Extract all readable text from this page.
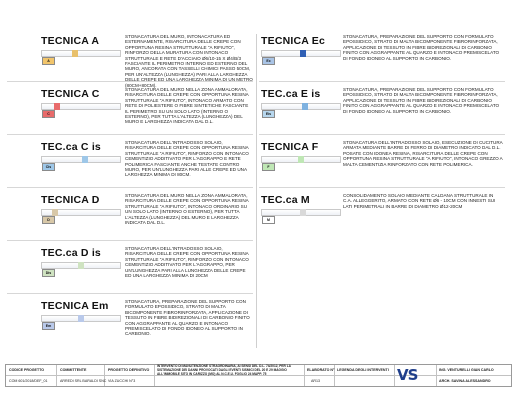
TECNICA A
A
STONACATURA DEL MURO, INTONACATURA ED ESTERNAMENTE, RISARCITURA DELLE CREPE CON OPPORTUNA RESINA STRUTTURALE "A RIFIUTO", RINFORZO DELLA MURATURA CON INTONACO STRUTTURALE E RETE D'ACCIAIO Ø6/10-15 X Ø4/B/3 FASCIANTE IL PERIMETRO INTERNO ED ESTERNO DEL MURO, ANCORATA CON TASSELLI CHIMICI PASSO 50CM, PER UN'ALTEZZA (LUNGHEZZA) PARI ALLA LARGHEZZA DELLE CREPE ED UNA LARGHEZZA MINIMA DI UN METRO (80CM+80CM).
TECNICA C
C
STONACATURA DEL MURO NELLA ZONA AMMALORATA, RISARCITURA DELLE CREPE CON OPPORTUNA RESINA STRUTTURALE "A RIFIUTO", INTONACO ARMATO CON RETE DI POLIESTERE O FIBRE SINTETICHE FASCIANTE IL PERIMETRO SU UN SOLO LATO (INTERNO O ESTERNO), PER TUTTA L'ALTEZZA (LUNGHEZZA) DEL MURO E LARGHEZZA INDICATA DAL D.L.
TEC.ca C is
Cis
STONACATURA DELL'INTRADOSSO SOLAIO, RISARCITURA DELLE CREPE CON OPPORTUNA RESINA STRUTTURALE "A RIFIUTO", RINFORZO CON INTONACO CEMENTIZIO ADDITIVATO PER L'AGGRAPPO E RETE POLIMERICA FASCIANTE ANCHE TESTATE CONTRO MURO, PER UN'LUNGHEZZA PARI ALLE CREPE ED UNA LARGHEZZA MINIMA DI 80CM.
TECNICA D
D
STONACATURA DEL MURO NELLA ZONA AMMALORATA, RISARCITURA DELLE CREPE CON OPPORTUNA RESINA STRUTTURALE "A RIFIUTO", INTONACO ORDINARIO SU UN SOLO LATO (INTERNO O ESTERNO), PER TUTTA L'ALTEZZA (LUNGHEZZA) DEL MURO E LARGHEZZA INDICATA DAL D.L.
TEC.ca D is
Dis
STONACATURA DELL'INTRADOSSO SOLAIO, RISARCITURA DELLE CREPE CON OPPORTUNA RESINA STRUTTURALE "A RIFIUTO", RINFORZO CON INTONACO CEMENTIZIO ADDITIVATO PER L'AGGRAPPO, PER UN'LUNGHEZZA PARI ALLA LUNGHEZZA DELLE CREPE ED UNA LARGHEZZA MINIMA DI 20CM
TECNICA Em
Em
STONACATURA, PREPARAZIONE DEL SUPPORTO CON FORMULATO EPOSSIDICO, STRATO DI MALTA BICOMPONENTE FIBRORINFORZATA, APPLICAZIONE DI TESSUTO IN FIBRE BIDIREZIONALI DI CARBONIO FINITO CON AGGRAPPANTE AL QUARZO E INTONACO PREMISCELATO DI FONDO IDONEO AL SUPPORTO IN CARBONIO.
TECNICA Ec
Ec
STONACATURA, PREPARAZIONE DEL SUPPORTO CON FORMULATO EPOSSIDICO, STRATO DI MALTA BICOMPONENTE FIBRORINFORZATA, APPLICAZIONE DI TESSUTO IN FIBRE BIDIREZIONALI DI CARBONIO FINITO CON AGGRAPPANTE AL QUARZO E INTONACO PREMISCELATO DI FONDO IDONEO AL SUPPORTO IN CARBONIO.
TEC.ca E is
Eis
STONACATURA, PREPARAZIONE DEL SUPPORTO CON FORMULATO EPOSSIDICO, STRATO DI MALTA BICOMPONENTE FIBRORINFORZATA, APPLICAZIONE DI TESSUTO IN FIBRE BIDIREZIONALI DI CARBONIO FINITO CON AGGRAPPANTE AL QUARZO E INTONACO PREMISCELATO DI FONDO IDONEO AL SUPPORTO IN CARBONIO.
TECNICA F
F
STONACATURA DELL'INTRADOSSO SOLAIO, ESECUZIONE DI CUCITURA ARMATA MEDIANTE BARRE DI FERRO DI DIAMETRO INDICATO DAL D.L. POSATE CON IDONEA RESINA, RISARCITURA DELLE CREPE CON OPPORTUNA RESINA STRUTTURALE "A RIFIUTO", INTONACO GREZZO A MALTA CEMENTIZIA RINFORZATO CON RETE POLIMERICA.
TEC.ca M
M
CONSOLIDAMENTO SOLAIO MEDIANTE CALDANA STRUTTURALE IN C.A. ALLEGGERITO, ARMATO CON RETE Ø6 - 10CM CON INNESTI SUI LATI PERIMETRALI IN BARRE DI DIAMETRO Ø12-20CM
CODICE PROGETTO
COM 601/2018/DEF_01
COMMITTENTE
ARREDI SRL BARALDI SNC
PROGETTO DEFINITIVO
VIA ZUCCHI N°3
INTERVENTO DI MANUTENZIONE STRAORDINARIA, AI SENSI DEL D.L. 74/2012, PER LA SISTEMAZIONE DEI DANNI PROVOCATI DAGLI EVENTI SISMICI DEL 20 E 29 MAGGIO ALL'IMMOBILE SITO IN CARIZZO (MO) AL N.C.E.U. FOGLIO 24 MAPP. 75
ELABORATO N°
AR13
LEGENDA DEGLI INTERVENTI VS	ING. VENTURELLI GIAN CARLO
ARCH. SAVINA ALESSANDRO
